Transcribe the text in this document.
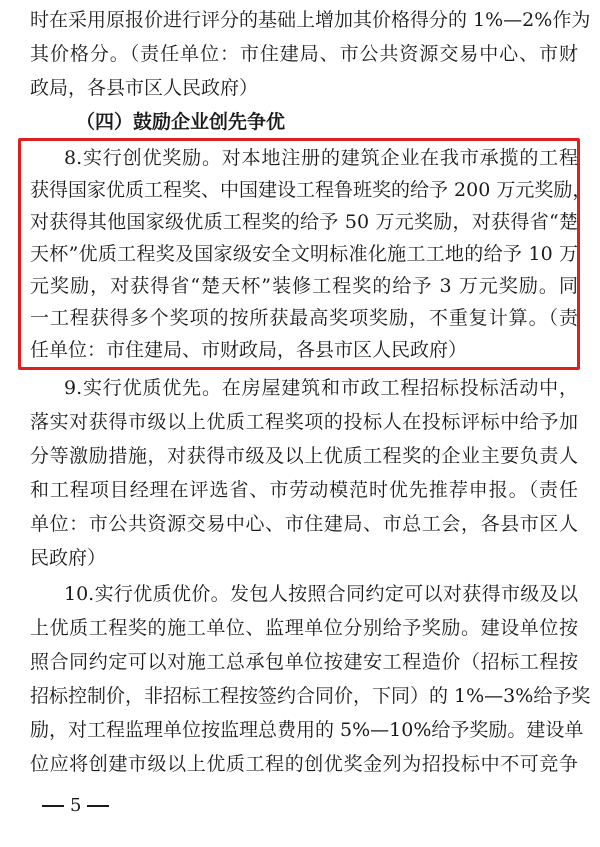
时在采用原报价进行评分的基础上增加其价格得分的 1%—2%作为
其价格分。（责任单位：市住建局、市公共资源交易中心、市财
政局，各县市区人民政府）
（四）鼓励企业创先争优
8.实行创优奖励。对本地注册的建筑企业在我市承揽的工程
获得国家优质工程奖、中国建设工程鲁班奖的给予 200 万元奖励，
对获得其他国家级优质工程奖的给予 50 万元奖励，对获得省“楚
天杯”优质工程奖及国家级安全文明标准化施工工地的给予 10 万
元奖励，对获得省“楚天杯”装修工程奖的给予 3 万元奖励。同
一工程获得多个奖项的按所获最高奖项奖励，不重复计算。（责
任单位：市住建局、市财政局，各县市区人民政府）
9.实行优质优先。在房屋建筑和市政工程招标投标活动中，
落实对获得市级以上优质工程奖项的投标人在投标评标中给予加
分等激励措施，对获得市级及以上优质工程奖的企业主要负责人
和工程项目经理在评选省、市劳动模范时优先推荐申报。（责任
单位：市公共资源交易中心、市住建局、市总工会，各县市区人
民政府）
10.实行优质优价。发包人按照合同约定可以对获得市级及以
上优质工程奖的施工单位、监理单位分别给予奖励。建设单位按
照合同约定可以对施工总承包单位按建安工程造价（招标工程按
招标控制价，非招标工程按签约合同价，下同）的 1%—3%给予奖
励，对工程监理单位按监理总费用的 5%—10%给予奖励。建设单
位应将创建市级以上优质工程的创优奖金列为招投标中不可竞争
5
